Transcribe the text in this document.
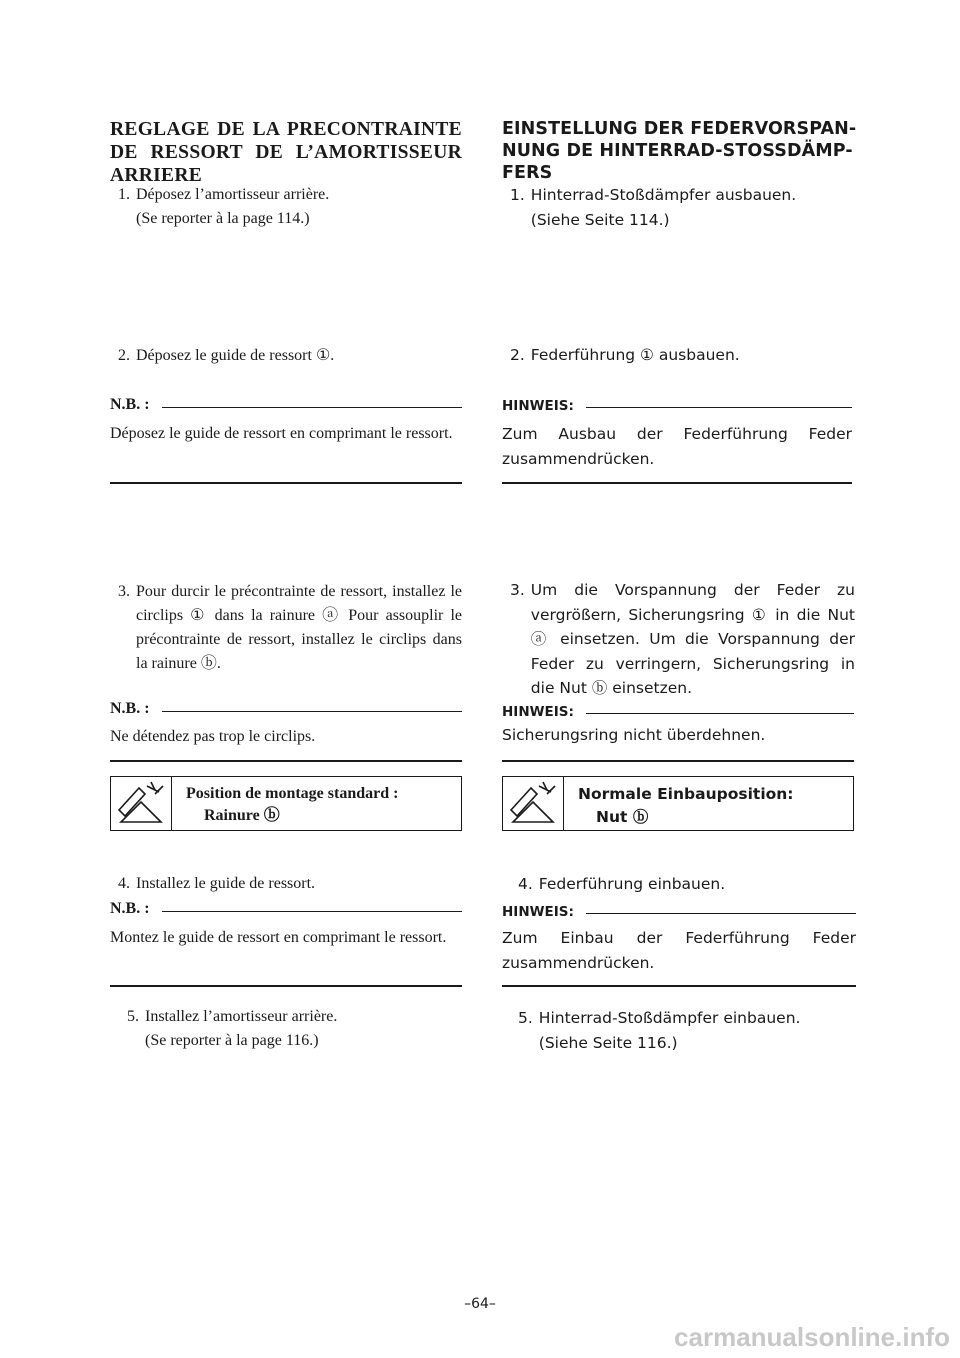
REGLAGE DE LA PRECONTRAINTE DE RESSORT DE L’AMORTISSEUR ARRIERE
1. Déposez l’amortisseur arrière.
(Se reporter à la page 114.)
2. Déposez le guide de ressort ①.
N.B. :
Déposez le guide de ressort en comprimant le ressort.
3. Pour durcir le précontrainte de ressort, installez le circlips ① dans la rainure ⓐ Pour assouplir le précontrainte de ressort, installez le circlips dans la rainure ⓑ.
N.B. :
Ne détendez pas trop le circlips.
Position de montage standard :
Rainure ⓑ
4. Installez le guide de ressort.
N.B. :
Montez le guide de ressort en comprimant le ressort.
5. Installez l’amortisseur arrière.
(Se reporter à la page 116.)
EINSTELLUNG DER FEDERVORSPAN-
NUNG DE HINTERRAD-STOSSDÄMP-
FERS
1. Hinterrad-Stoßdämpfer ausbauen.
(Siehe Seite 114.)
2. Federführung ① ausbauen.
HINWEIS:
Zum Ausbau der Federführung Feder zusammendrücken.
3. Um die Vorspannung der Feder zu vergrößern, Sicherungsring ① in die Nut ⓐ einsetzen. Um die Vorspannung der Feder zu verringern, Sicherungsring in die Nut ⓑ einsetzen.
HINWEIS:
Sicherungsring nicht überdehnen.
Normale Einbauposition:
Nut ⓑ
4. Federführung einbauen.
HINWEIS:
Zum Einbau der Federführung Feder zusammendrücken.
5. Hinterrad-Stoßdämpfer einbauen.
(Siehe Seite 116.)
–64–
carmanualsonline.info
